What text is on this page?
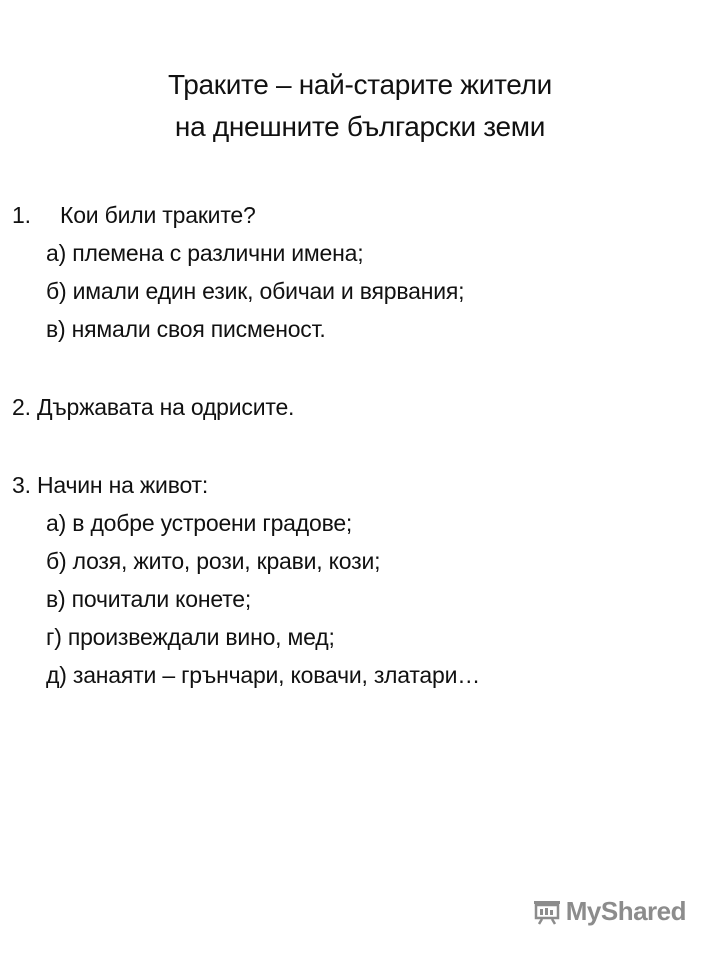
Траките – най-старите жители
на днешните български земи
1.	Кои били траките?
а) племена с различни имена;
б) имали един език, обичаи и вярвания;
в) нямали своя писменост.
2. Държавата на одрисите.
3. Начин на живот:
а) в добре устроени градове;
б) лозя, жито, рози, крави, кози;
в) почитали конете;
г) произвеждали вино, мед;
д) занаяти – грънчари, ковачи, златари…
MyShared
